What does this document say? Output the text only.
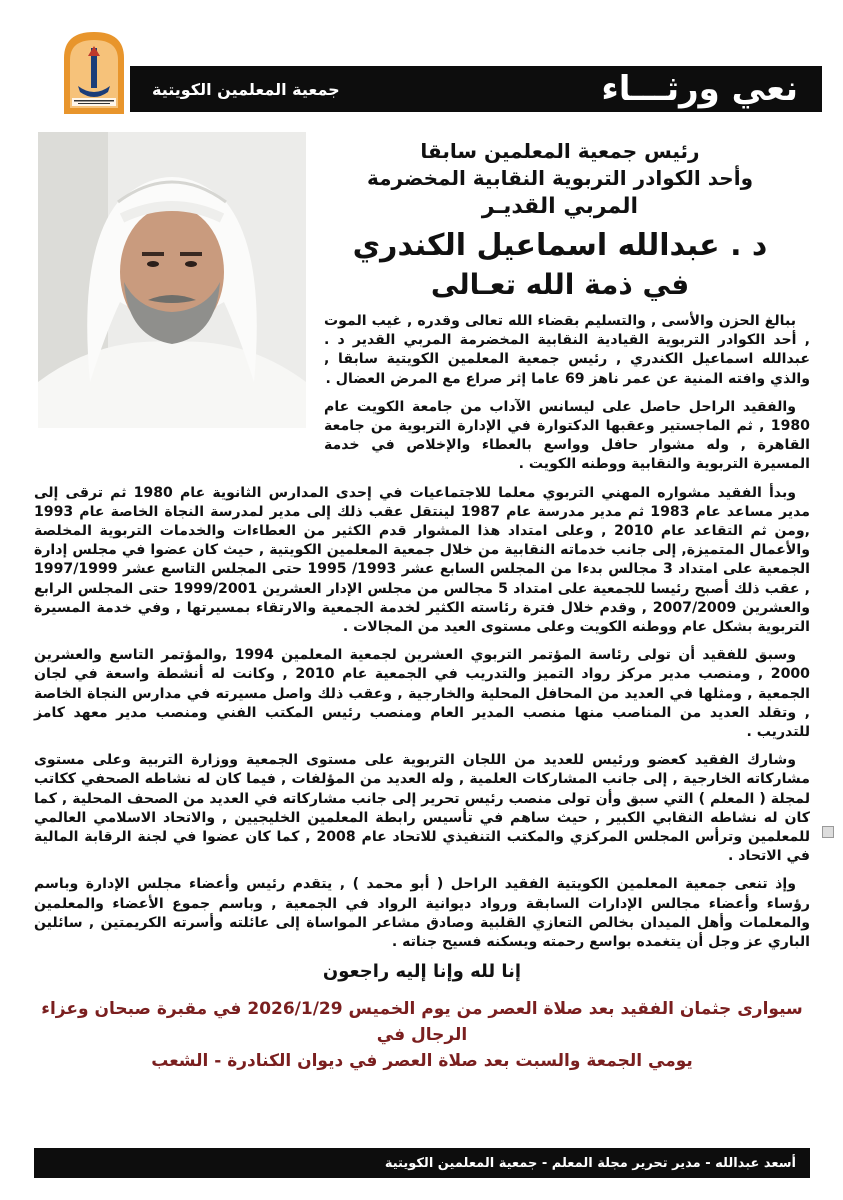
جمعية المعلمين الكويتية	نعي ورثـــاء
رئيس جمعية المعلمين سابقا
وأحد الكوادر التربوية النقابية المخضرمة
المربي القديـر
د . عبدالله اسماعيل الكندري
في ذمة الله تعـالى

ببالغ الحزن والأسى , والتسليم بقضاء الله تعالى وقدره , غيب الموت , أحد الكوادر التربوية القيادية النقابية المخضرمة المربي القدير د . عبدالله اسماعيل الكندري , رئيس جمعية المعلمين الكويتية سابقا , والذي وافته المنية عن عمر ناهز 69 عاما إثر صراع مع المرض العضال .

والفقيد الراحل حاصل على ليسانس الآداب من جامعة الكويت عام 1980 , ثم الماجستير وعقبها الدكتوارة في الإدارة التربوية من جامعة القاهرة , وله مشوار حافل وواسع بالعطاء والإخلاص في خدمة المسيرة التربوية والنقابية ووطنه الكويت .

وبدأ الفقيد مشواره المهني التربوي معلما للاجتماعيات في إحدى المدارس الثانوية عام 1980 ثم ترقى إلى مدير مساعد عام 1983 ثم مدير مدرسة عام 1987 لينتقل عقب ذلك إلى مدير لمدرسة النجاة الخاصة عام 1993 ,ومن ثم التقاعد عام 2010 , وعلى امتداد هذا المشوار قدم الكثير من العطاءات والخدمات التربوية المخلصة والأعمال المتميزة, إلى جانب خدماته النقابية من خلال جمعية المعلمين الكويتية , حيث كان عضوا في مجلس إدارة الجمعية على امتداد 3 مجالس بدءا من المجلس السابع عشر 1993/ 1995 حتى المجلس التاسع عشر 1997/1999 , عقب ذلك أصبح رئيسا للجمعية على امتداد 5 مجالس من مجلس الإدار العشرين 1999/2001 حتى المجلس الرابع والعشرين 2007/2009 , وقدم خلال فترة رئاسته الكثير لخدمة الجمعية والارتقاء بمسيرتها , وفي خدمة المسيرة التربوية بشكل عام ووطنه الكويت وعلى مستوى العيد من المجالات .

وسبق للفقيد أن تولى رئاسة المؤتمر التربوي العشرين لجمعية المعلمين 1994 ,والمؤتمر التاسع والعشرين 2000 , ومنصب مدير مركز رواد التميز والتدريب في الجمعية عام 2010 , وكانت له أنشطة واسعة في لجان الجمعية , ومثلها في العديد من المحافل المحلية والخارجية , وعقب ذلك واصل مسيرته في مدارس النجاة الخاصة , وتقلد العديد من المناصب منها منصب المدير العام ومنصب رئيس المكتب الفني ومنصب مدير معهد كامز للتدريب .

وشارك الفقيد كعضو ورئيس للعديد من اللجان التربوية على مستوى الجمعية ووزارة التربية وعلى مستوى مشاركاته الخارجية , إلى جانب المشاركات العلمية , وله العديد من المؤلفات , فيما كان له نشاطه الصحفي ككاتب لمجلة ( المعلم ) التي سبق وأن تولى منصب رئيس تحرير إلى جانب مشاركاته في العديد من الصحف المحلية , كما كان له نشاطه النقابي الكبير , حيث ساهم في تأسيس رابطة المعلمين الخليجيين , والاتحاد الاسلامي العالمي للمعلمين وترأس المجلس المركزي والمكتب التنفيذي للاتحاد عام 2008 , كما كان عضوا في لجنة الرقابة المالية في الاتحاد .

وإذ تنعى جمعية المعلمين الكويتية الفقيد الراحل ( أبو محمد ) , يتقدم رئيس وأعضاء مجلس الإدارة وباسم رؤساء وأعضاء مجالس الإدارات السابقة ورواد ديوانية الرواد في الجمعية , وباسم جموع الأعضاء والمعلمين والمعلمات وأهل الميدان بخالص التعازي القلبية وصادق مشاعر المواساة إلى عائلته وأسرته الكريمتين , سائلين الباري عز وجل أن يتغمده بواسع رحمته ويسكنه فسيح جناته .

إنا لله وإنا إليه راجعون
سيوارى جثمان الفقيد بعد صلاة العصر من يوم الخميس 2026/1/29 في مقبرة صبحان وعزاء الرجال في
يومي الجمعة والسبت بعد صلاة العصر في ديوان الكنادرة - الشعب
أسعد عبدالله - مدير تحرير مجلة المعلم - جمعية المعلمين الكويتية
